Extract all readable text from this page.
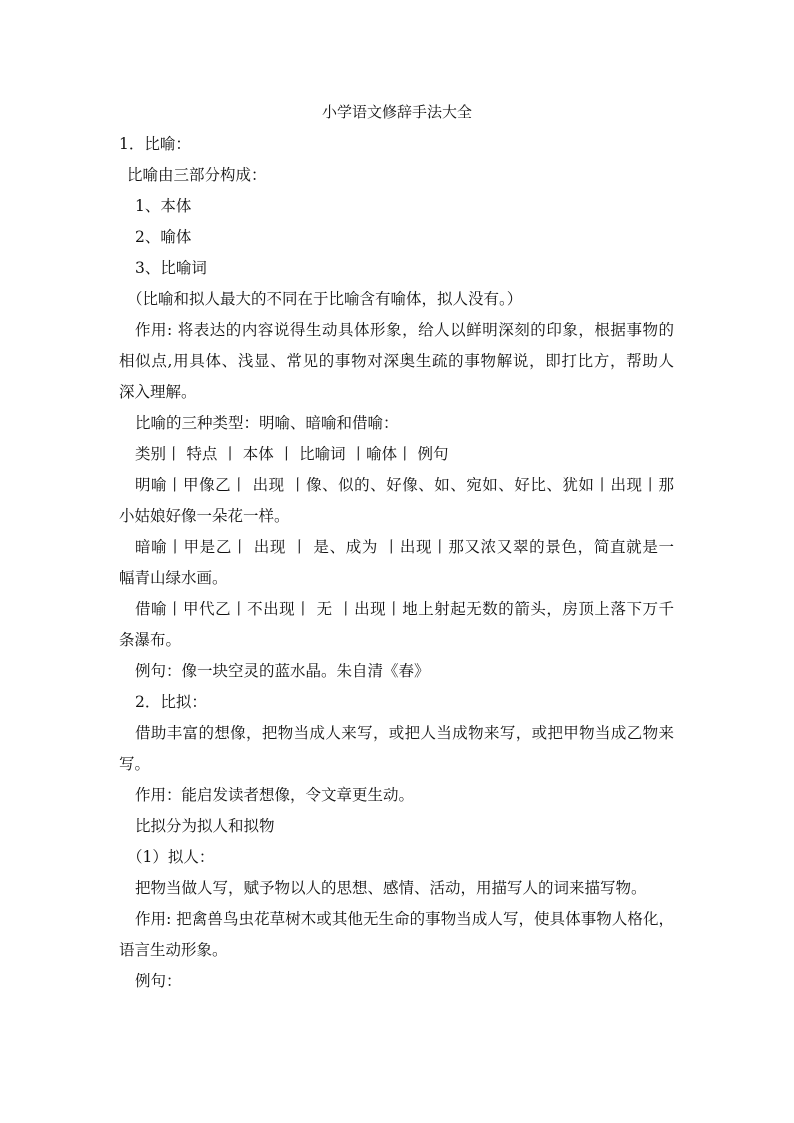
小学语文修辞手法大全
1．比喻：
比喻由三部分构成：
1、本体
2、喻体
3、比喻词
（比喻和拟人最大的不同在于比喻含有喻体，拟人没有。）
作用: 将表达的内容说得生动具体形象，给人以鲜明深刻的印象，根据事物的
相似点,用具体、浅显、常见的事物对深奥生疏的事物解说，即打比方，帮助人
深入理解。
比喻的三种类型：明喻、暗喻和借喻：
类别丨 特点 丨 本体 丨 比喻词 丨喻体丨 例句
明喻丨甲像乙丨 出现 丨像、似的、好像、如、宛如、好比、犹如丨出现丨那
小姑娘好像一朵花一样。
暗喻丨甲是乙丨 出现 丨 是、成为 丨出现丨那又浓又翠的景色，简直就是一
幅青山绿水画。
借喻丨甲代乙丨不出现丨 无 丨出现丨地上射起无数的箭头，房顶上落下万千
条瀑布。
例句：像一块空灵的蓝水晶。朱自清《春》
2．比拟：
借助丰富的想像，把物当成人来写，或把人当成物来写，或把甲物当成乙物来
写。
作用：能启发读者想像，令文章更生动。
比拟分为拟人和拟物
（1）拟人：
把物当做人写，赋予物以人的思想、感情、活动，用描写人的词来描写物。
作用: 把禽兽鸟虫花草树木或其他无生命的事物当成人写，使具体事物人格化，
语言生动形象。
例句：
